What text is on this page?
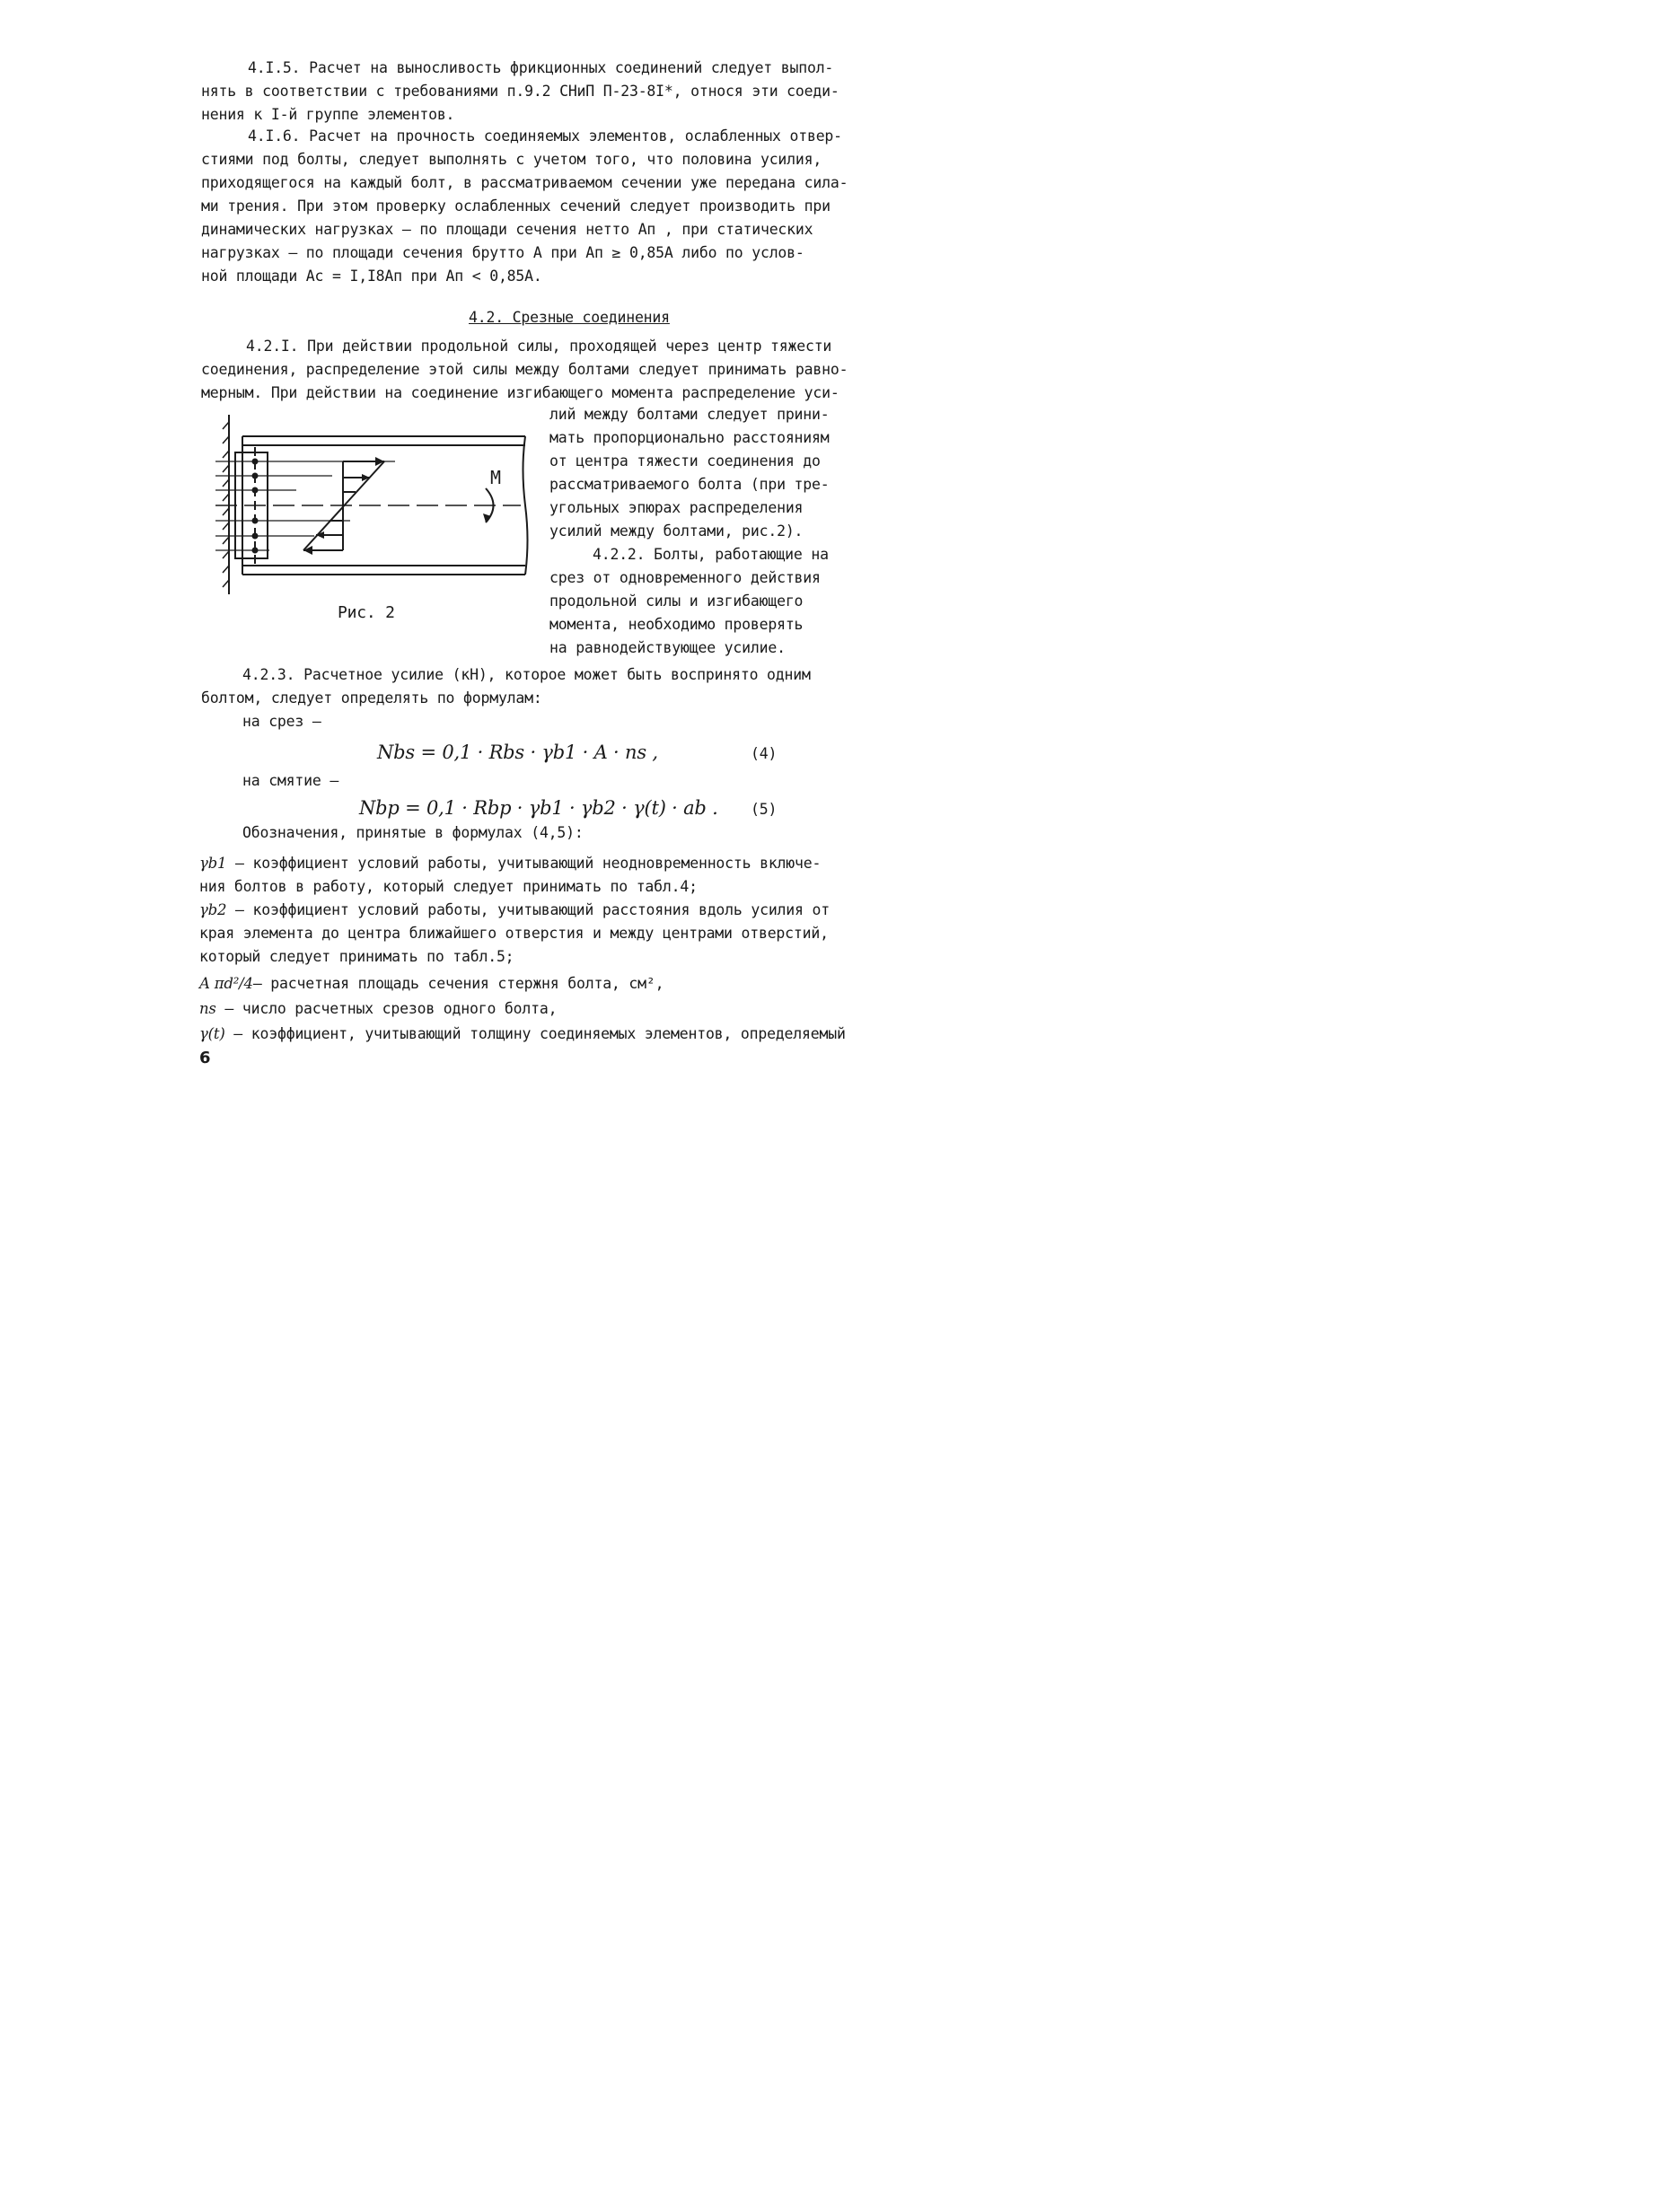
4.I.5. Расчет на выносливость фрикционных соединений следует выпол-
нять в соответствии с требованиями п.9.2 СНиП П-23-8I*, относя эти соеди-
нения к I-й группе элементов.
4.I.6. Расчет на прочность соединяемых элементов, ослабленных отвер-
стиями под болты, следует выполнять с учетом того, что половина усилия,
приходящегося на каждый болт, в рассматриваемом сечении уже передана сила-
ми трения. При этом проверку ослабленных сечений следует производить при
динамических нагрузках – по площади сечения нетто Aп , при статических
нагрузках – по площади сечения брутто A при Aп ≥ 0,85A либо по услов-
ной площади Ac = I,I8Aп при Aп < 0,85A.
4.2. Срезные соединения
4.2.I. При действии продольной силы, проходящей через центр тяжести
соединения, распределение этой силы между болтами следует принимать равно-
мерным. При действии на соединение изгибающего момента распределение уси-
M
Рис. 2
лий между болтами следует прини-
мать пропорционально расстояниям
от центра тяжести соединения до
рассматриваемого болта (при тре-
угольных эпюрах распределения
усилий между болтами, рис.2).
4.2.2. Болты, работающие на
срез от одновременного действия
продольной силы и изгибающего
момента, необходимо проверять
на равнодействующее усилие.
4.2.3. Расчетное усилие (кН), которое может быть воспринято одним
болтом, следует определять по формулам:
на срез –
Nbs = 0,1 · Rbs · γb1 · A · ns ,	(4)
на смятие –
Nbp = 0,1 · Rbp · γb1 · γb2 · γ(t) · ab . (5)
Обозначения, принятые в формулах (4,5):
γb1 – коэффициент условий работы, учитывающий неодновременность включе-
ния болтов в работу, который следует принимать по табл.4;
γb2 – коэффициент условий работы, учитывающий расстояния вдоль усилия от
края элемента до центра ближайшего отверстия и между центрами отверстий,
который следует принимать по табл.5;
A πd²/4– расчетная площадь сечения стержня болта, см²,
ns – число расчетных срезов одного болта,
γ(t) – коэффициент, учитывающий толщину соединяемых элементов, определяемый
6
